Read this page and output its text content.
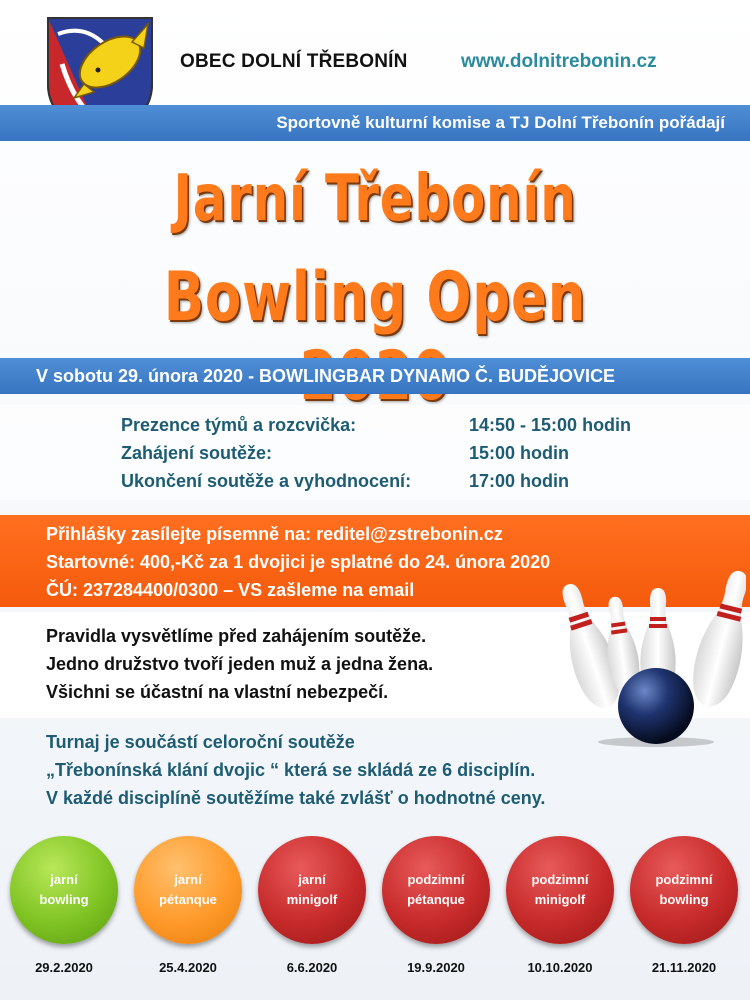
OBEC DOLNÍ TŘEBONÍN	www.dolnitrebonin.cz
Sportovně kulturní komise a TJ Dolní Třebonín pořádají
Jarní Třebonín
Bowling Open
V sobotu 29. února 2020 - BOWLINGBAR DYNAMO Č. BUDĚJOVICE
Prezence týmů a rozcvička:	14:50 - 15:00 hodin
Zahájení soutěže:	15:00 hodin
Ukončení soutěže a vyhodnocení:	17:00 hodin
Přihlášky zasílejte písemně na: reditel@zstrebonin.cz
Startovné: 400,-Kč za 1 dvojici je splatné do 24. února 2020
ČÚ: 237284400/0300 – VS zašleme na email
Pravidla vysvětlíme před zahájením soutěže.
Jedno družstvo tvoří jeden muž a jedna žena.
Všichni se účastní na vlastní nebezpečí.
Turnaj je součástí celoroční soutěže
„Třebonínská klání dvojic “ která se skládá ze 6 disciplín.
V každé disciplíně soutěžíme také zvlášť o hodnotné ceny.
jarní
bowling
jarní
pétanque
jarní
minigolf
podzimní
pétanque
podzimní
minigolf
podzimní
bowling
29.2.2020	25.4.2020	6.6.2020	19.9.2020	10.10.2020	21.11.2020
